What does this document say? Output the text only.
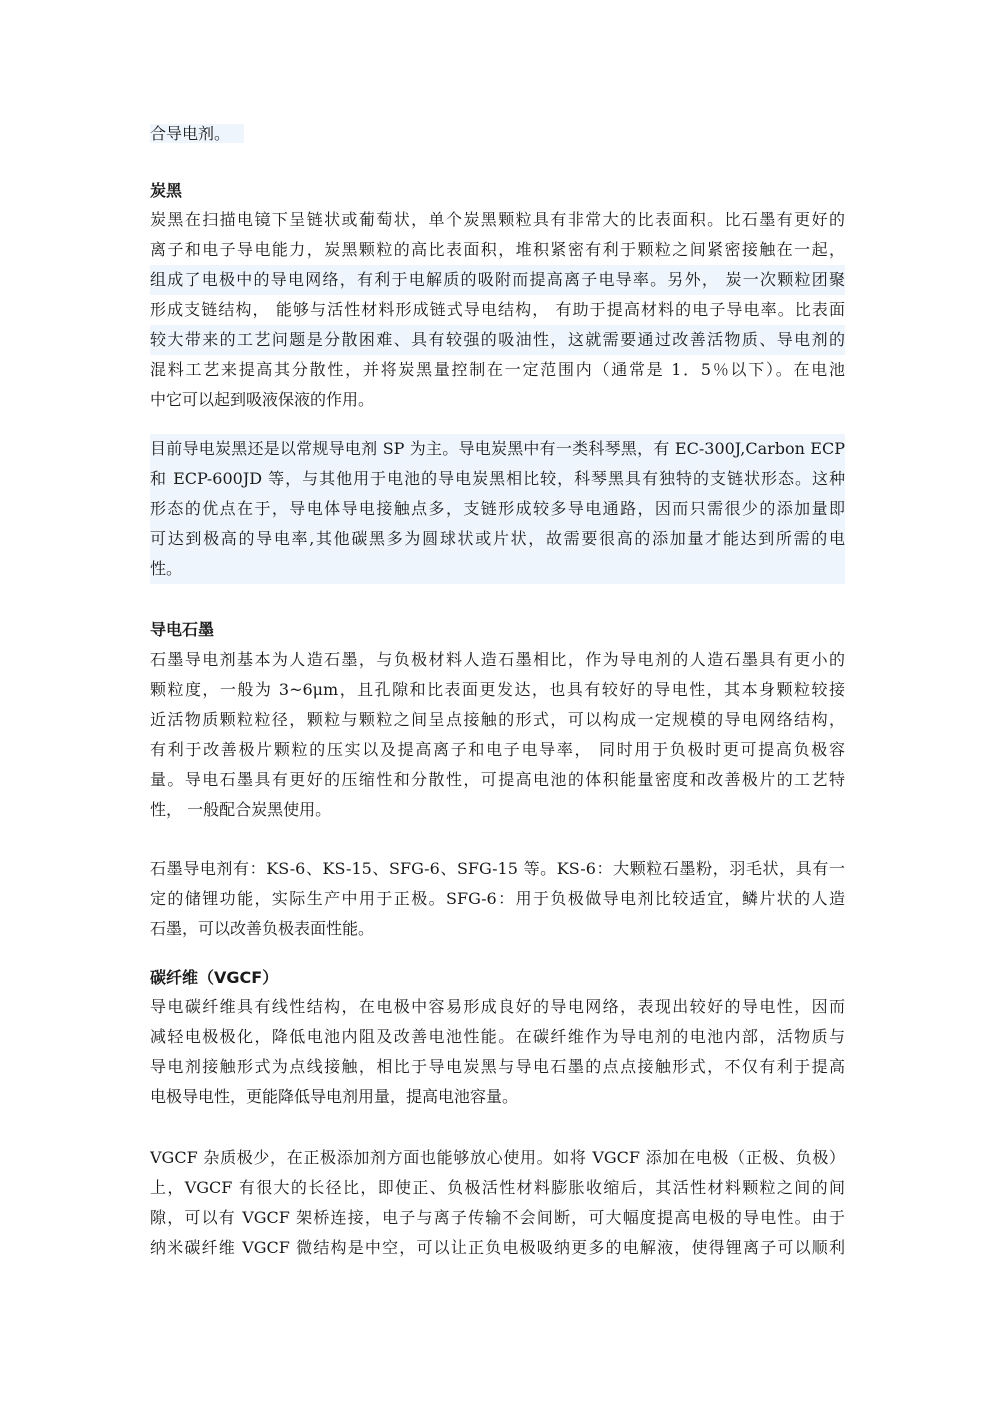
合导电剂。
炭黑
炭黑在扫描电镜下呈链状或葡萄状，单个炭黑颗粒具有非常大的比表面积。比石墨有更好的
离子和电子导电能力，炭黑颗粒的高比表面积，堆积紧密有利于颗粒之间紧密接触在一起，
组成了电极中的导电网络，有利于电解质的吸附而提高离子电导率。另外， 炭一次颗粒团聚
形成支链结构， 能够与活性材料形成链式导电结构， 有助于提高材料的电子导电率。比表面
较大带来的工艺问题是分散困难、具有较强的吸油性，这就需要通过改善活物质、导电剂的
混料工艺来提高其分散性，并将炭黑量控制在一定范围内（通常是 1．5％以下）。在电池
中它可以起到吸液保液的作用。
目前导电炭黑还是以常规导电剂 SP 为主。导电炭黑中有一类科琴黑，有 EC-300J,Carbon ECP
和 ECP-600JD 等，与其他用于电池的导电炭黑相比较，科琴黑具有独特的支链状形态。这种
形态的优点在于，导电体导电接触点多，支链形成较多导电通路，因而只需很少的添加量即
可达到极高的导电率,其他碳黑多为圆球状或片状，故需要很高的添加量才能达到所需的电
性。
导电石墨
石墨导电剂基本为人造石墨，与负极材料人造石墨相比，作为导电剂的人造石墨具有更小的
颗粒度，一般为 3~6μm，且孔隙和比表面更发达，也具有较好的导电性，其本身颗粒较接
近活物质颗粒粒径，颗粒与颗粒之间呈点接触的形式，可以构成一定规模的导电网络结构，
有利于改善极片颗粒的压实以及提高离子和电子电导率， 同时用于负极时更可提高负极容
量。导电石墨具有更好的压缩性和分散性，可提高电池的体积能量密度和改善极片的工艺特
性， 一般配合炭黑使用。
石墨导电剂有：KS-6、KS-15、SFG-6、SFG-15 等。KS-6：大颗粒石墨粉，羽毛状，具有一
定的储锂功能，实际生产中用于正极。SFG-6：用于负极做导电剂比较适宜，鳞片状的人造
石墨，可以改善负极表面性能。
碳纤维（VGCF）
导电碳纤维具有线性结构，在电极中容易形成良好的导电网络，表现出较好的导电性，因而
减轻电极极化，降低电池内阻及改善电池性能。在碳纤维作为导电剂的电池内部，活物质与
导电剂接触形式为点线接触，相比于导电炭黑与导电石墨的点点接触形式，不仅有利于提高
电极导电性，更能降低导电剂用量，提高电池容量。
VGCF 杂质极少，在正极添加剂方面也能够放心使用。如将 VGCF 添加在电极（正极、负极）
上，VGCF 有很大的长径比，即使正、负极活性材料膨胀收缩后，其活性材料颗粒之间的间
隙，可以有 VGCF 架桥连接，电子与离子传输不会间断，可大幅度提高电极的导电性。由于
纳米碳纤维 VGCF 微结构是中空，可以让正负电极吸纳更多的电解液，使得锂离子可以顺利
